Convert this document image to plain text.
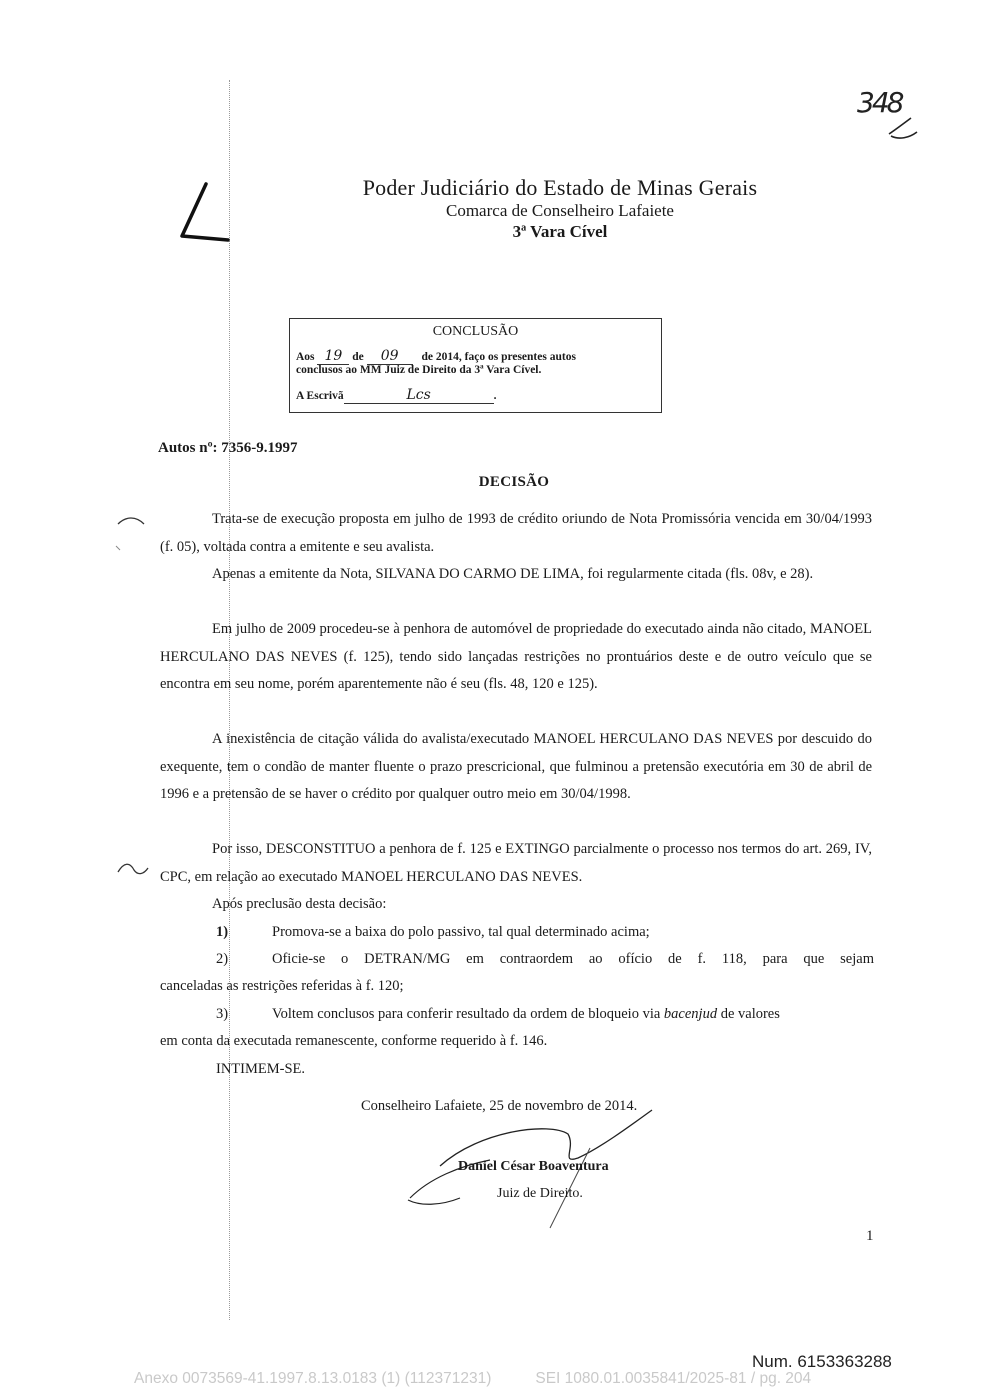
348
Poder Judiciário do Estado de Minas Gerais
Comarca de Conselheiro Lafaiete
3ª Vara Cível
CONCLUSÃO
Aos 19 de 09 de 2014, faço os presentes autos
conclusos ao MM Juiz de Direito da 3ª Vara Cível.
A Escrivã	Lcs	.
Autos nº: 7356-9.1997
DECISÃO
Trata-se de execução proposta em julho de 1993 de crédito oriundo de Nota Promissória vencida em 30/04/1993 (f. 05), voltada contra a emitente e seu avalista.
Apenas a emitente da Nota, SILVANA DO CARMO DE LIMA, foi regularmente citada (fls. 08v, e 28).
Em julho de 2009 procedeu-se à penhora de automóvel de propriedade do executado ainda não citado, MANOEL HERCULANO DAS NEVES (f. 125), tendo sido lançadas restrições no prontuários deste e de outro veículo que se encontra em seu nome, porém aparentemente não é seu (fls. 48, 120 e 125).
A inexistência de citação válida do avalista/executado MANOEL HERCULANO DAS NEVES por descuido do exequente, tem o condão de manter fluente o prazo prescricional, que fulminou a pretensão executória em 30 de abril de 1996 e a pretensão de se haver o crédito por qualquer outro meio em 30/04/1998.
Por isso, DESCONSTITUO a penhora de f. 125 e EXTINGO parcialmente o processo nos termos do art. 269, IV, CPC, em relação ao executado MANOEL HERCULANO DAS NEVES.
Após preclusão desta decisão:
1)	Promova-se a baixa do polo passivo, tal qual determinado acima;
2)	Oficie-se o DETRAN/MG em contraordem ao ofício de f. 118, para que sejam
canceladas as restrições referidas à f. 120;
3)	Voltem conclusos para conferir resultado da ordem de bloqueio via bacenjud de valores
em conta da executada remanescente, conforme requerido à f. 146.
INTIMEM-SE.
Conselheiro Lafaiete, 25 de novembro de 2014.
Daniel César Boaventura
Juiz de Direito.
1
Num. 6153363288
Anexo 0073569-41.1997.8.13.0183 (1) (112371231)	SEI 1080.01.0035841/2025-81 / pg. 204
